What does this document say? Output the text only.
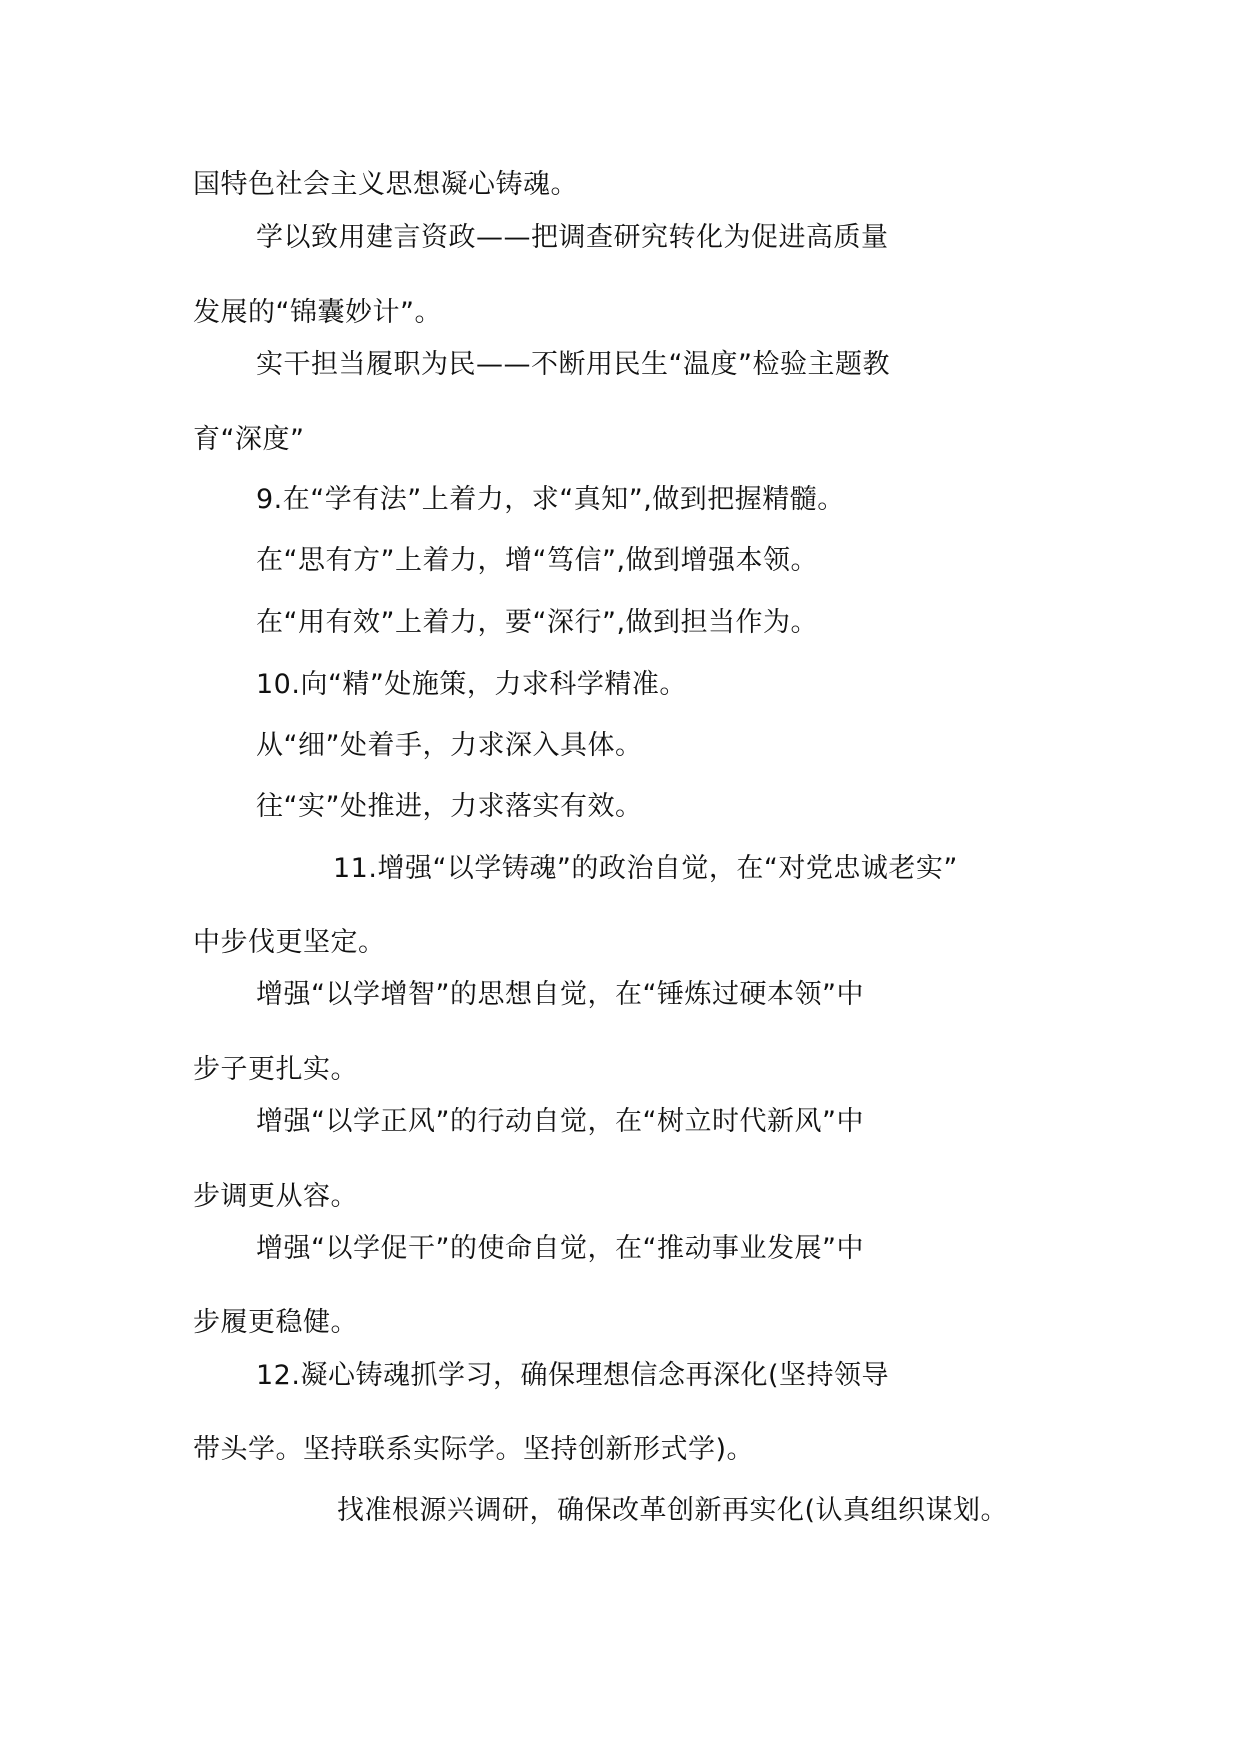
国特色社会主义思想凝心铸魂。
学以致用建言资政——把调查研究转化为促进高质量
发展的“锦囊妙计”。
实干担当履职为民——不断用民生“温度”检验主题教
育“深度”
9.在“学有法”上着力，求“真知”,做到把握精髓。
在“思有方”上着力，增“笃信”,做到增强本领。
在“用有效”上着力，要“深行”,做到担当作为。
10.向“精”处施策，力求科学精准。
从“细”处着手，力求深入具体。
往“实”处推进，力求落实有效。
11.增强“以学铸魂”的政治自觉，在“对党忠诚老实”
中步伐更坚定。
增强“以学增智”的思想自觉，在“锤炼过硬本领”中
步子更扎实。
增强“以学正风”的行动自觉，在“树立时代新风”中
步调更从容。
增强“以学促干”的使命自觉，在“推动事业发展”中
步履更稳健。
12.凝心铸魂抓学习，确保理想信念再深化(坚持领导
带头学。坚持联系实际学。坚持创新形式学)。
找准根源兴调研，确保改革创新再实化(认真组织谋划。
